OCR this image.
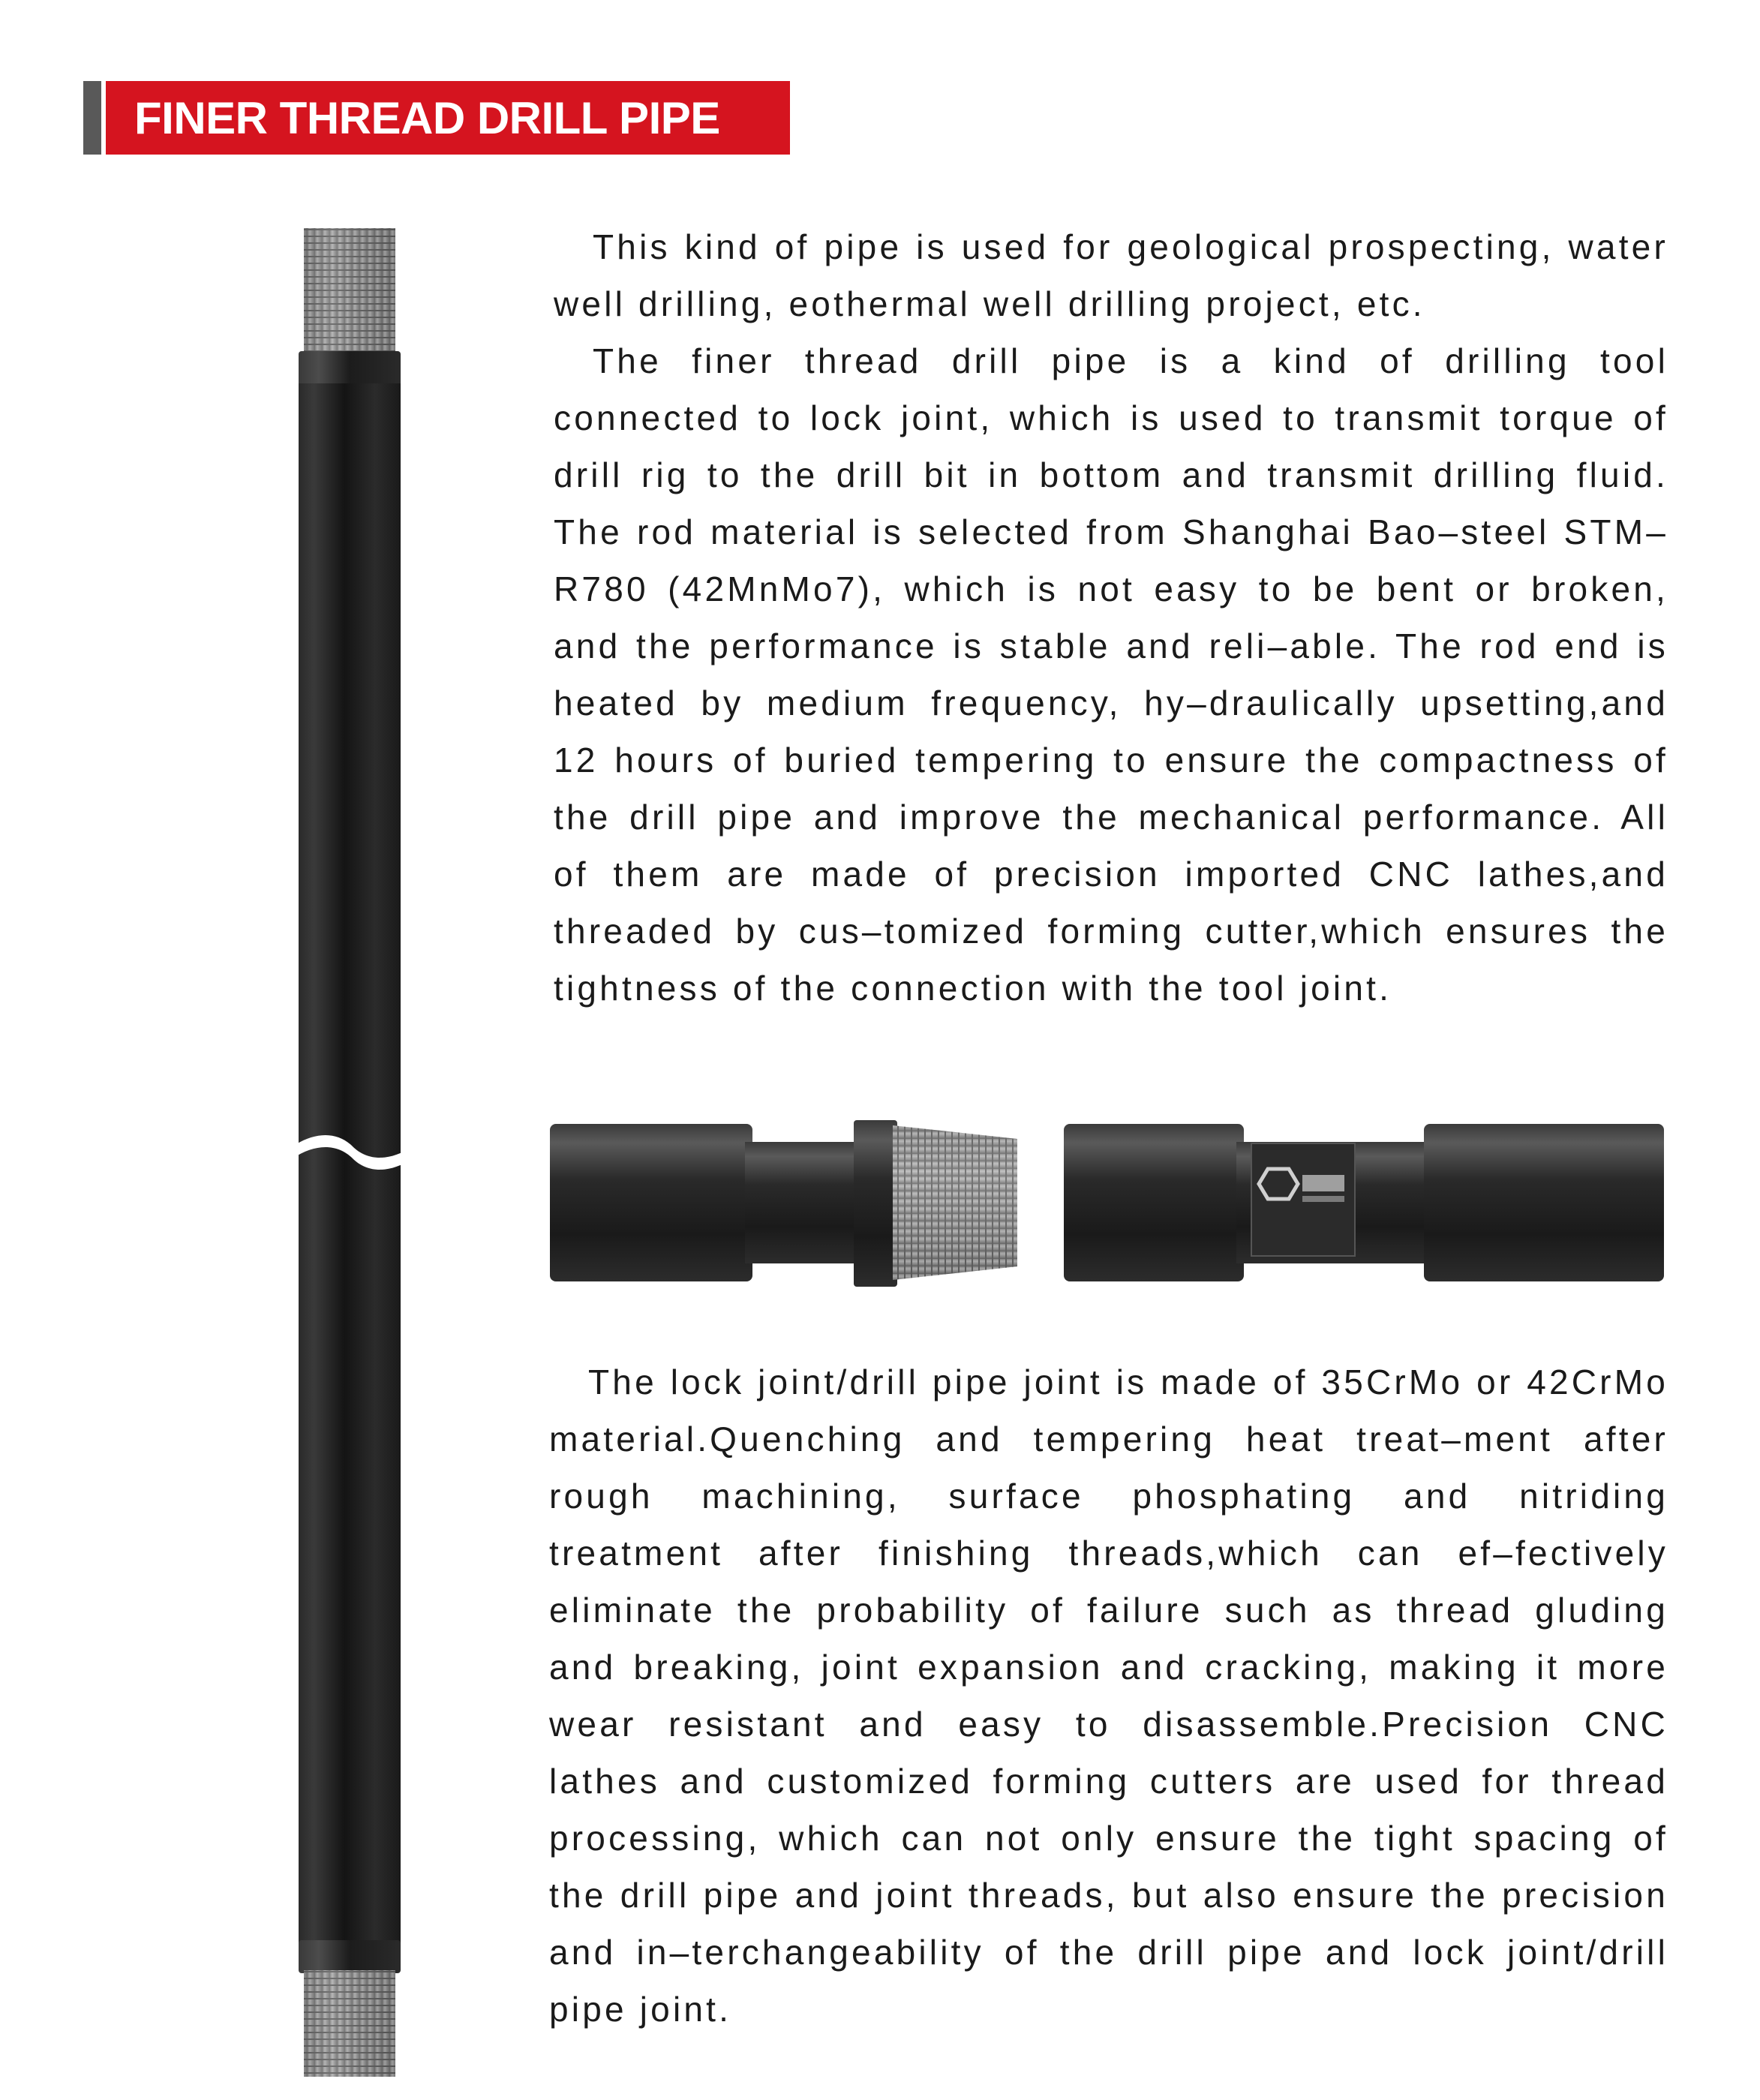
FINER THREAD DRILL PIPE

This kind of pipe is used for geological prospecting, water well drilling, eothermal well drilling project, etc.

The finer thread drill pipe is a kind of drilling tool connected to lock joint, which is used to transmit torque of drill rig to the drill bit in bottom and transmit drilling fluid. The rod material is selected from Shanghai Bao–steel STM–R780 (42MnMo7), which is not easy to be bent or broken, and the performance is stable and reli–able. The rod end is heated by medium frequency, hy–draulically upsetting,and 12 hours of buried tempering to ensure the compactness of the drill pipe and improve the mechanical performance. All of them are made of precision imported CNC lathes,and threaded by cus–tomized forming cutter,which ensures the tightness of the connection with the tool joint.

The lock joint/drill pipe joint is made of 35CrMo or 42CrMo material.Quenching and tempering heat treat–ment after rough machining, surface phosphating and nitriding treatment after finishing threads,which can ef–fectively eliminate the probability of failure such as thread gluding and breaking, joint expansion and cracking, making it more wear resistant and easy to disassemble.Precision CNC lathes and customized forming cutters are used for thread processing, which can not only ensure the tight spacing of the drill pipe and joint threads, but also ensure the precision and in–terchangeability of the drill pipe and lock joint/drill pipe joint.
